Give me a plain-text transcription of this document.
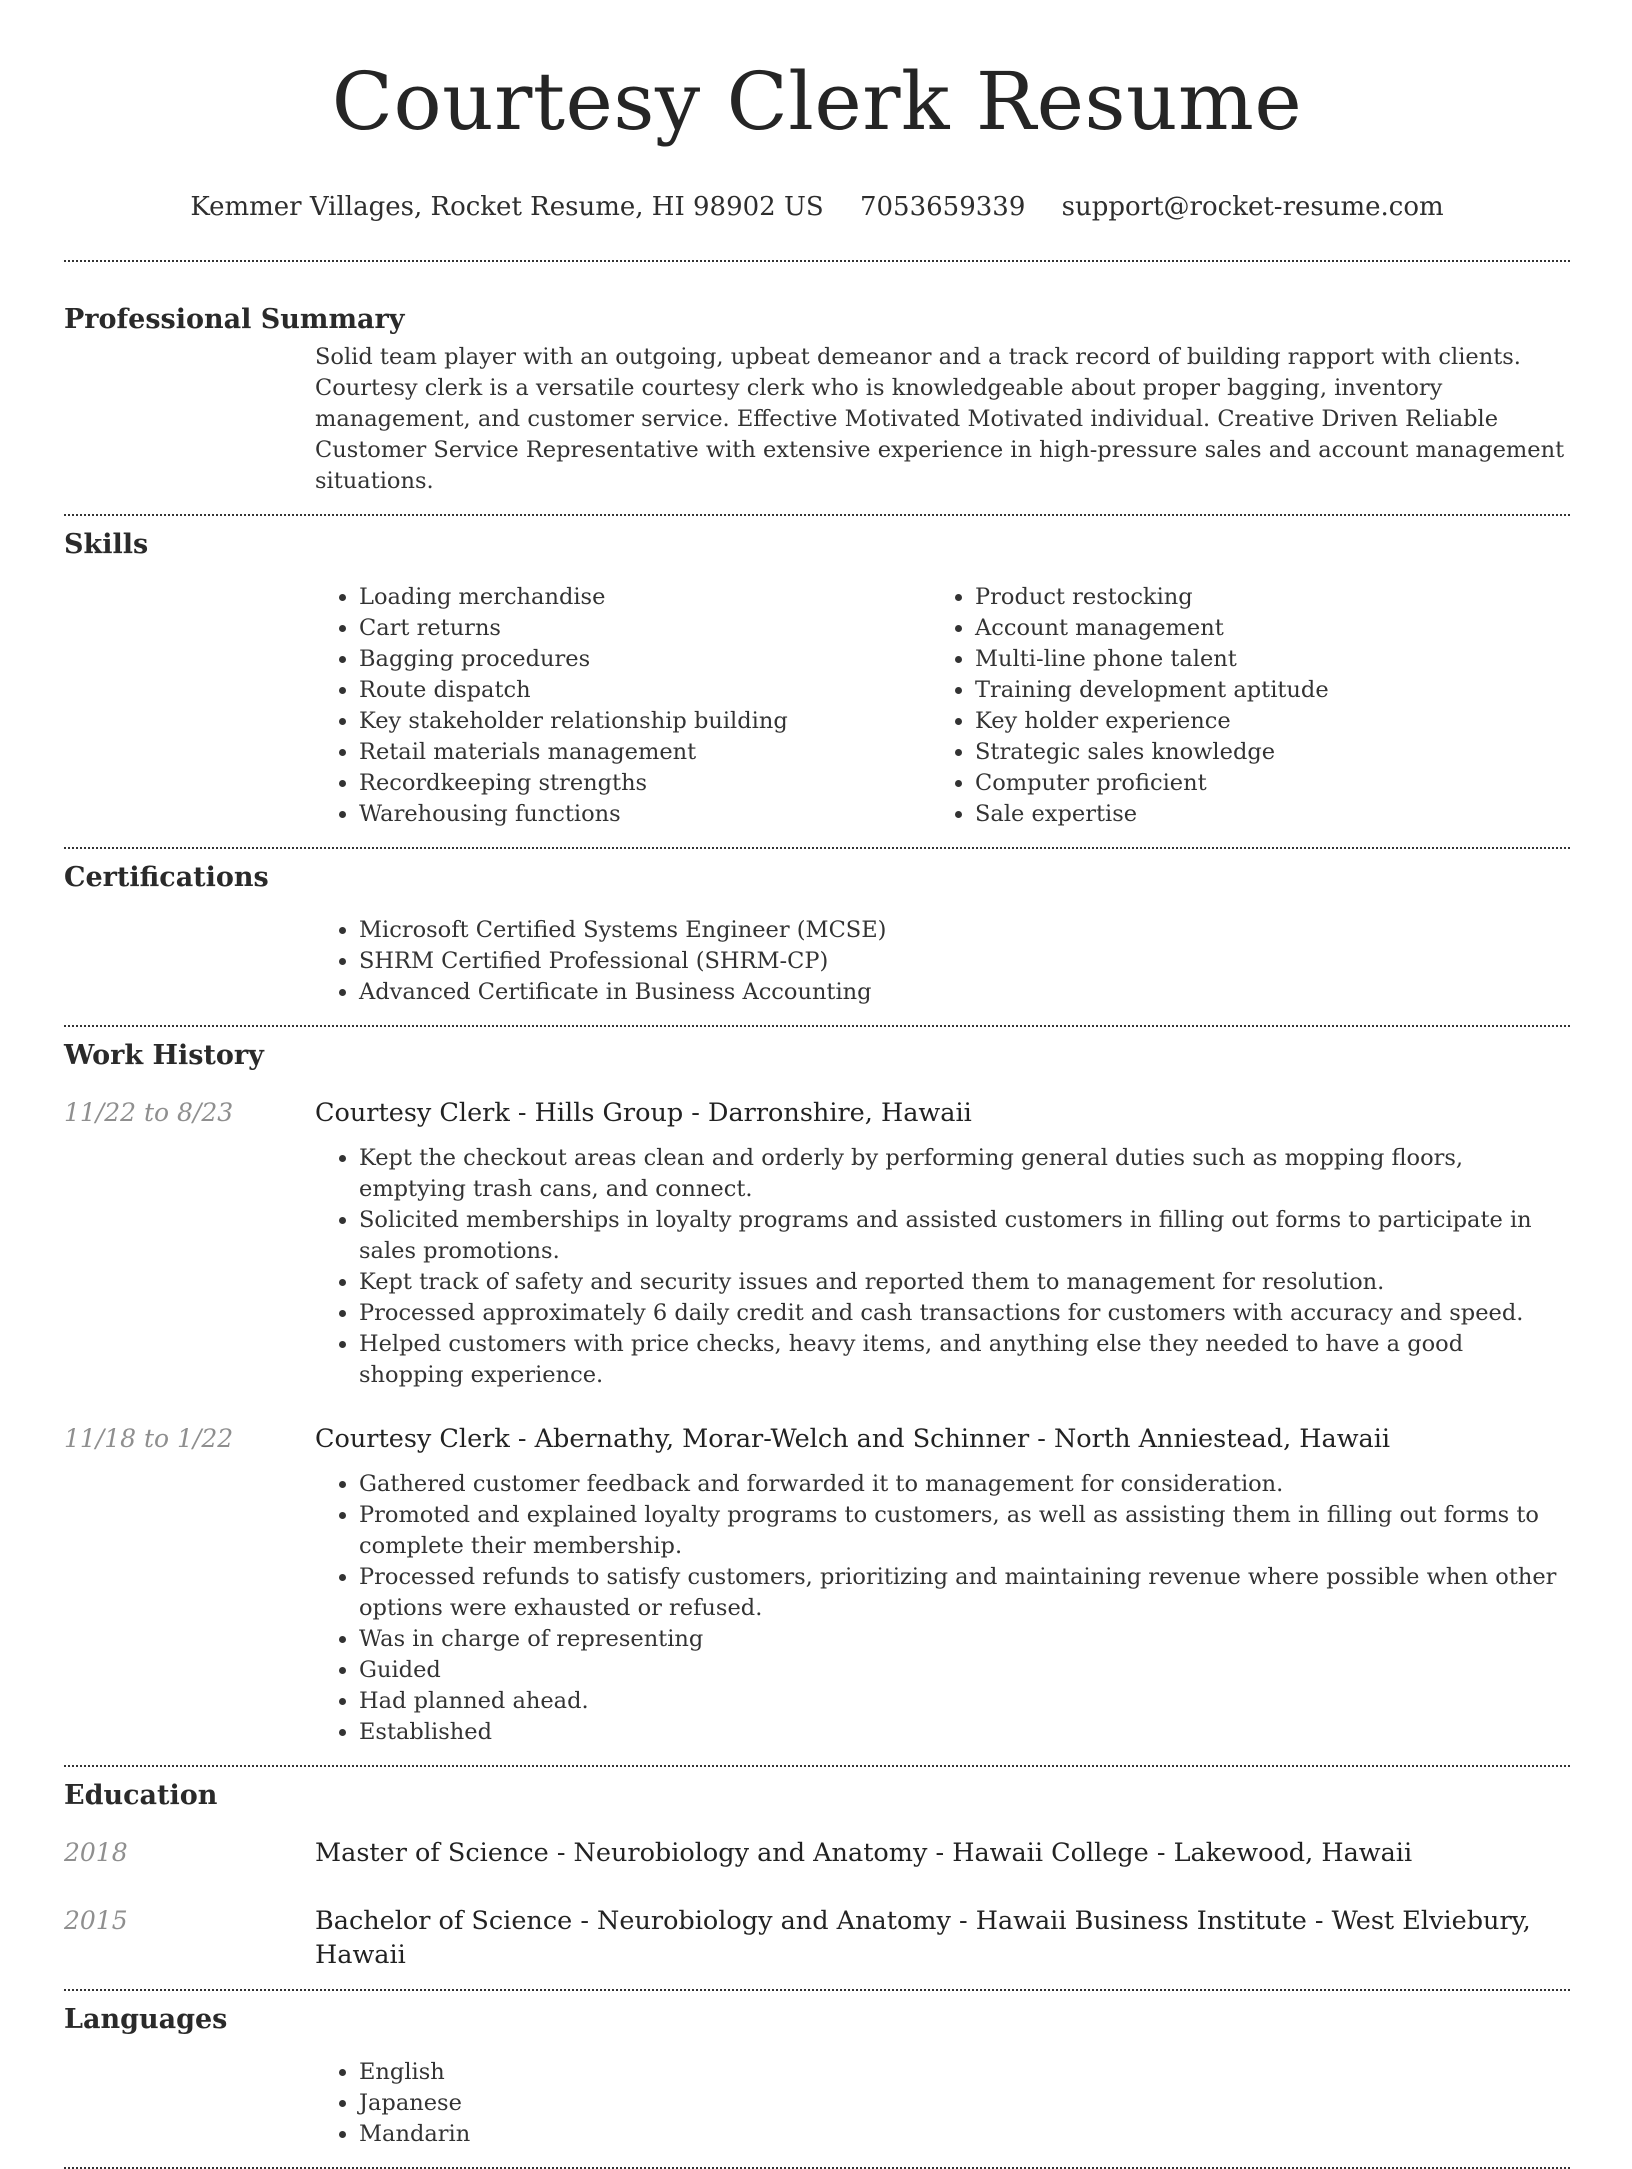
Courtesy Clerk Resume
Kemmer Villages, Rocket Resume, HI 98902 US 7053659339 support@rocket-resume.com
Professional Summary
Solid team player with an outgoing, upbeat demeanor and a track record of building rapport with clients. Courtesy clerk is a versatile courtesy clerk who is knowledgeable about proper bagging, inventory management, and customer service. Effective Motivated Motivated individual. Creative Driven Reliable Customer Service Representative with extensive experience in high-pressure sales and account management situations.
Skills
• Loading merchandise
• Cart returns
• Bagging procedures
• Route dispatch
• Key stakeholder relationship building
• Retail materials management
• Recordkeeping strengths
• Warehousing functions
• Product restocking
• Account management
• Multi-line phone talent
• Training development aptitude
• Key holder experience
• Strategic sales knowledge
• Computer proficient
• Sale expertise
Certifications
• Microsoft Certified Systems Engineer (MCSE)
• SHRM Certified Professional (SHRM-CP)
• Advanced Certificate in Business Accounting
Work History
11/22 to 8/23	Courtesy Clerk - Hills Group - Darronshire, Hawaii
• Kept the checkout areas clean and orderly by performing general duties such as mopping floors, emptying trash cans, and connect.
• Solicited memberships in loyalty programs and assisted customers in filling out forms to participate in sales promotions.
• Kept track of safety and security issues and reported them to management for resolution.
• Processed approximately 6 daily credit and cash transactions for customers with accuracy and speed.
• Helped customers with price checks, heavy items, and anything else they needed to have a good shopping experience.
11/18 to 1/22	Courtesy Clerk - Abernathy, Morar-Welch and Schinner - North Anniestead, Hawaii
• Gathered customer feedback and forwarded it to management for consideration.
• Promoted and explained loyalty programs to customers, as well as assisting them in filling out forms to complete their membership.
• Processed refunds to satisfy customers, prioritizing and maintaining revenue where possible when other options were exhausted or refused.
• Was in charge of representing
• Guided
• Had planned ahead.
• Established
Education
2018	Master of Science - Neurobiology and Anatomy - Hawaii College - Lakewood, Hawaii
2015	Bachelor of Science - Neurobiology and Anatomy - Hawaii Business Institute - West Elviebury, Hawaii
Languages
• English
• Japanese
• Mandarin
